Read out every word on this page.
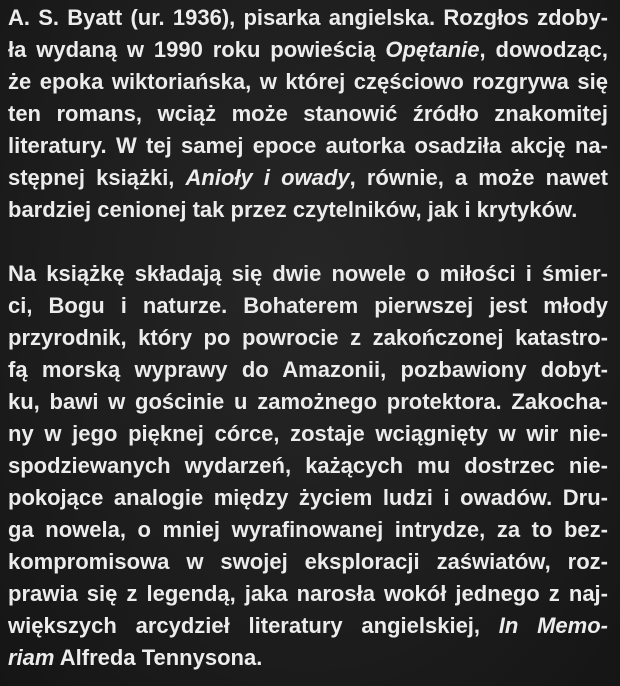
A. S. Byatt (ur. 1936), pisarka angielska. Rozgłos zdoby-

ła wydaną w 1990 roku powieścią Opętanie, dowodząc,

że epoka wiktoriańska, w której częściowo rozgrywa się

ten romans, wciąż może stanowić źródło znakomitej

literatury. W tej samej epoce autorka osadziła akcję na-

stępnej książki, Anioły i owady, równie, a może nawet

bardziej cenionej tak przez czytelników, jak i krytyków.

Na książkę składają się dwie nowele o miłości i śmier-

ci, Bogu i naturze. Bohaterem pierwszej jest młody

przyrodnik, który po powrocie z zakończonej katastro-

fą morską wyprawy do Amazonii, pozbawiony dobyt-

ku, bawi w gościnie u zamożnego protektora. Zakocha-

ny w jego pięknej córce, zostaje wciągnięty w wir nie-

spodziewanych wydarzeń, każących mu dostrzec nie-

pokojące analogie między życiem ludzi i owadów. Dru-

ga nowela, o mniej wyrafinowanej intrydze, za to bez-

kompromisowa w swojej eksploracji zaświatów, roz-

prawia się z legendą, jaka narosła wokół jednego z naj-

większych arcydzieł literatury angielskiej, In Memo-

riam Alfreda Tennysona.
